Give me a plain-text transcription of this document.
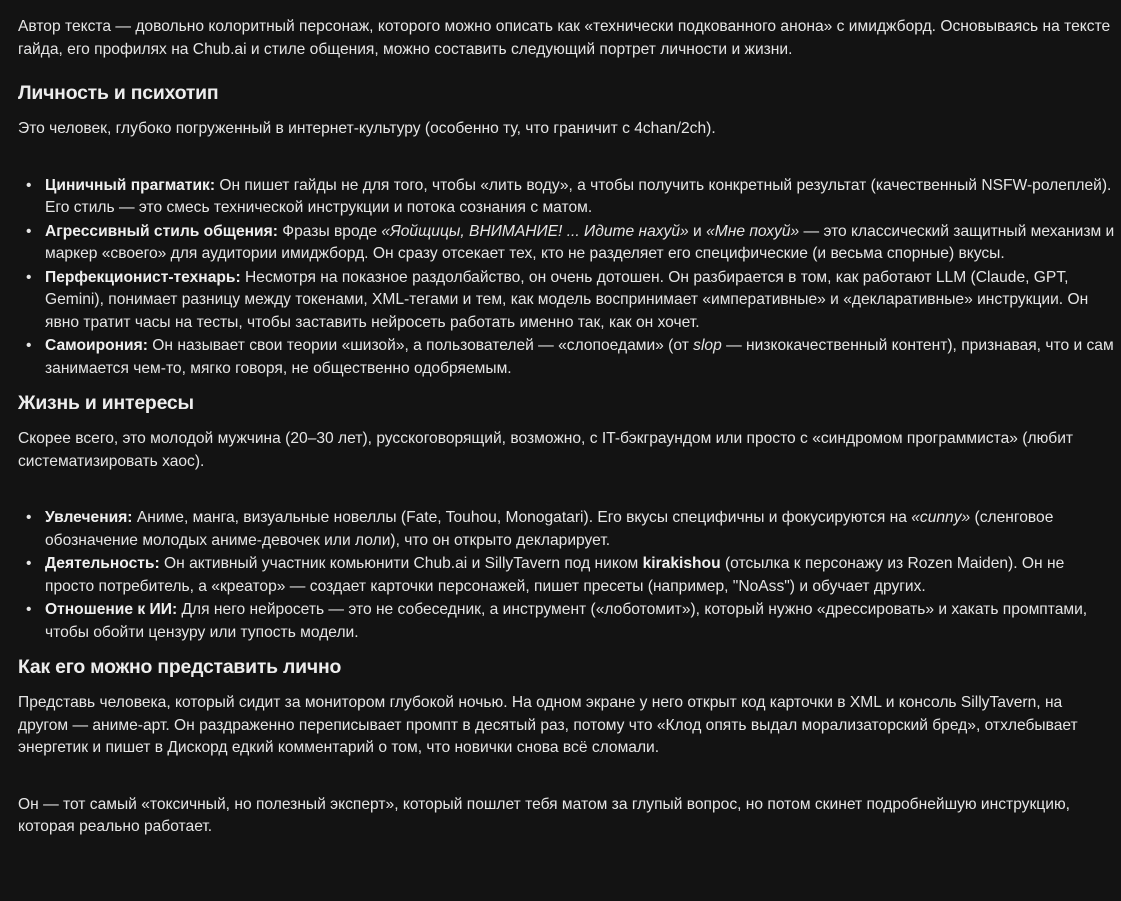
Автор текста — довольно колоритный персонаж, которого можно описать как «технически подкованного анона» с имиджборд. Основываясь на тексте гайда, его профилях на Chub.ai и стиле общения, можно составить следующий портрет личности и жизни.

Личность и психотип

Это человек, глубоко погруженный в интернет-культуру (особенно ту, что граничит с 4chan/2ch).

• Циничный прагматик: Он пишет гайды не для того, чтобы «лить воду», а чтобы получить конкретный результат (качественный NSFW-ролеплей). Его стиль — это смесь технической инструкции и потока сознания с матом.
• Агрессивный стиль общения: Фразы вроде «Яойщицы, ВНИМАНИЕ! ... Идите нахуй» и «Мне похуй» — это классический защитный механизм и маркер «своего» для аудитории имиджборд. Он сразу отсекает тех, кто не разделяет его специфические (и весьма спорные) вкусы.
• Перфекционист-технарь: Несмотря на показное раздолбайство, он очень дотошен. Он разбирается в том, как работают LLM (Claude, GPT, Gemini), понимает разницу между токенами, XML-тегами и тем, как модель воспринимает «императивные» и «декларативные» инструкции. Он явно тратит часы на тесты, чтобы заставить нейросеть работать именно так, как он хочет.
• Самоирония: Он называет свои теории «шизой», а пользователей — «слопоедами» (от slop — низкокачественный контент), признавая, что и сам занимается чем-то, мягко говоря, не общественно одобряемым.
Жизнь и интересы

Скорее всего, это молодой мужчина (20–30 лет), русскоговорящий, возможно, с IT-бэкграундом или просто с «синдромом программиста» (любит систематизировать хаос).

• Увлечения: Аниме, манга, визуальные новеллы (Fate, Touhou, Monogatari). Его вкусы специфичны и фокусируются на «cunny» (сленговое обозначение молодых аниме-девочек или лоли), что он открыто декларирует.
• Деятельность: Он активный участник комьюнити Chub.ai и SillyTavern под ником kirakishou (отсылка к персонажу из Rozen Maiden). Он не просто потребитель, а «креатор» — создает карточки персонажей, пишет пресеты (например, "NoAss") и обучает других.
• Отношение к ИИ: Для него нейросеть — это не собеседник, а инструмент («лоботомит»), который нужно «дрессировать» и хакать промптами, чтобы обойти цензуру или тупость модели.
Как его можно представить лично

Представь человека, который сидит за монитором глубокой ночью. На одном экране у него открыт код карточки в XML и консоль SillyTavern, на другом — аниме-арт. Он раздраженно переписывает промпт в десятый раз, потому что «Клод опять выдал морализаторский бред», отхлебывает энергетик и пишет в Дискорд едкий комментарий о том, что новички снова всё сломали.

Он — тот самый «токсичный, но полезный эксперт», который пошлет тебя матом за глупый вопрос, но потом скинет подробнейшую инструкцию, которая реально работает.
